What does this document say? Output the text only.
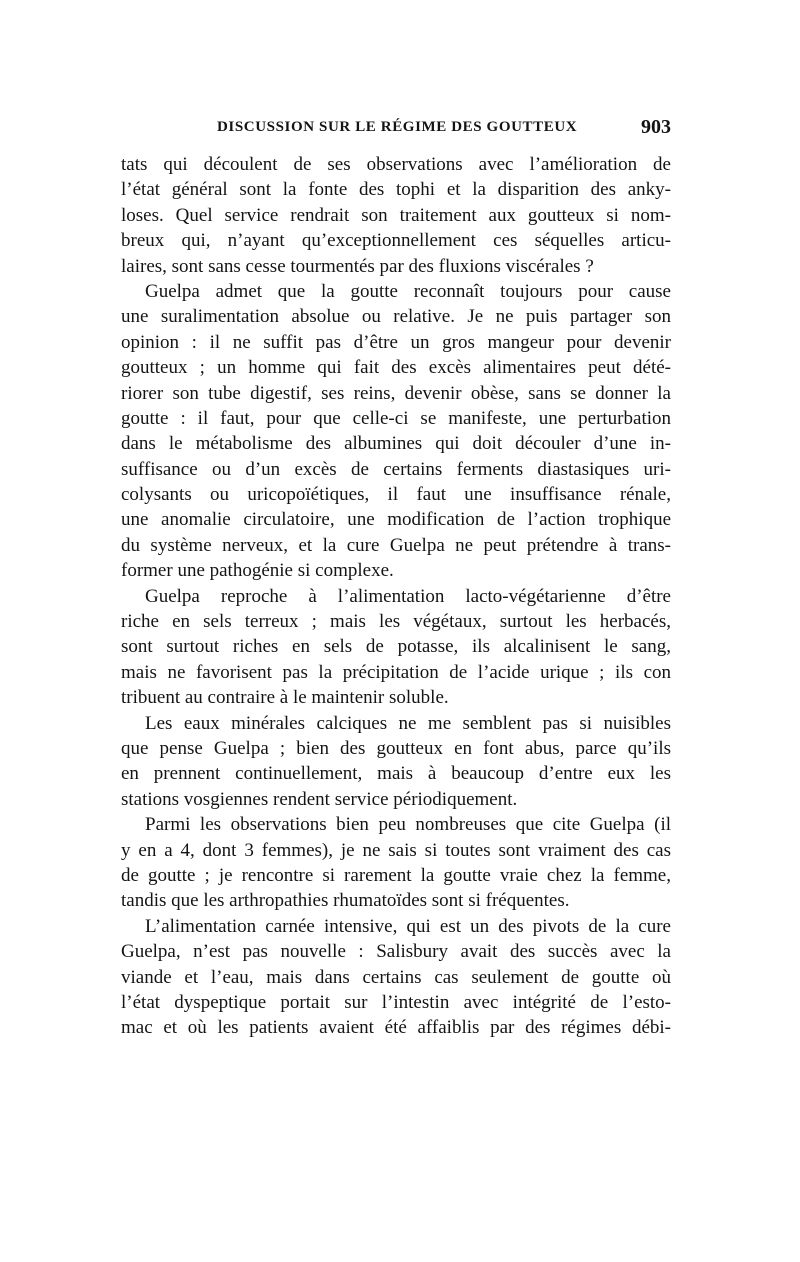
DISCUSSION SUR LE RÉGIME DES GOUTTEUX	903
tats qui découlent de ses observations avec l’amélioration de
l’état général sont la fonte des tophi et la disparition des anky-
loses. Quel service rendrait son traitement aux goutteux si nom-
breux qui, n’ayant qu’exceptionnellement ces séquelles articu-
laires, sont sans cesse tourmentés par des fluxions viscérales ?
Guelpa admet que la goutte reconnaît toujours pour cause
une suralimentation absolue ou relative. Je ne puis partager son
opinion : il ne suffit pas d’être un gros mangeur pour devenir
goutteux ; un homme qui fait des excès alimentaires peut dété-
riorer son tube digestif, ses reins, devenir obèse, sans se donner la
goutte : il faut, pour que celle-ci se manifeste, une perturbation
dans le métabolisme des albumines qui doit découler d’une in-
suffisance ou d’un excès de certains ferments diastasiques uri-
colysants ou uricopoïétiques, il faut une insuffisance rénale,
une anomalie circulatoire, une modification de l’action trophique
du système nerveux, et la cure Guelpa ne peut prétendre à trans-
former une pathogénie si complexe.
Guelpa reproche à l’alimentation lacto-végétarienne d’être
riche en sels terreux ; mais les végétaux, surtout les herbacés,
sont surtout riches en sels de potasse, ils alcalinisent le sang,
mais ne favorisent pas la précipitation de l’acide urique ; ils con
tribuent au contraire à le maintenir soluble.
Les eaux minérales calciques ne me semblent pas si nuisibles
que pense Guelpa ; bien des goutteux en font abus, parce qu’ils
en prennent continuellement, mais à beaucoup d’entre eux les
stations vosgiennes rendent service périodiquement.
Parmi les observations bien peu nombreuses que cite Guelpa (il
y en a 4, dont 3 femmes), je ne sais si toutes sont vraiment des cas
de goutte ; je rencontre si rarement la goutte vraie chez la femme,
tandis que les arthropathies rhumatoïdes sont si fréquentes.
L’alimentation carnée intensive, qui est un des pivots de la cure
Guelpa, n’est pas nouvelle : Salisbury avait des succès avec la
viande et l’eau, mais dans certains cas seulement de goutte où
l’état dyspeptique portait sur l’intestin avec intégrité de l’esto-
mac et où les patients avaient été affaiblis par des régimes débi-
